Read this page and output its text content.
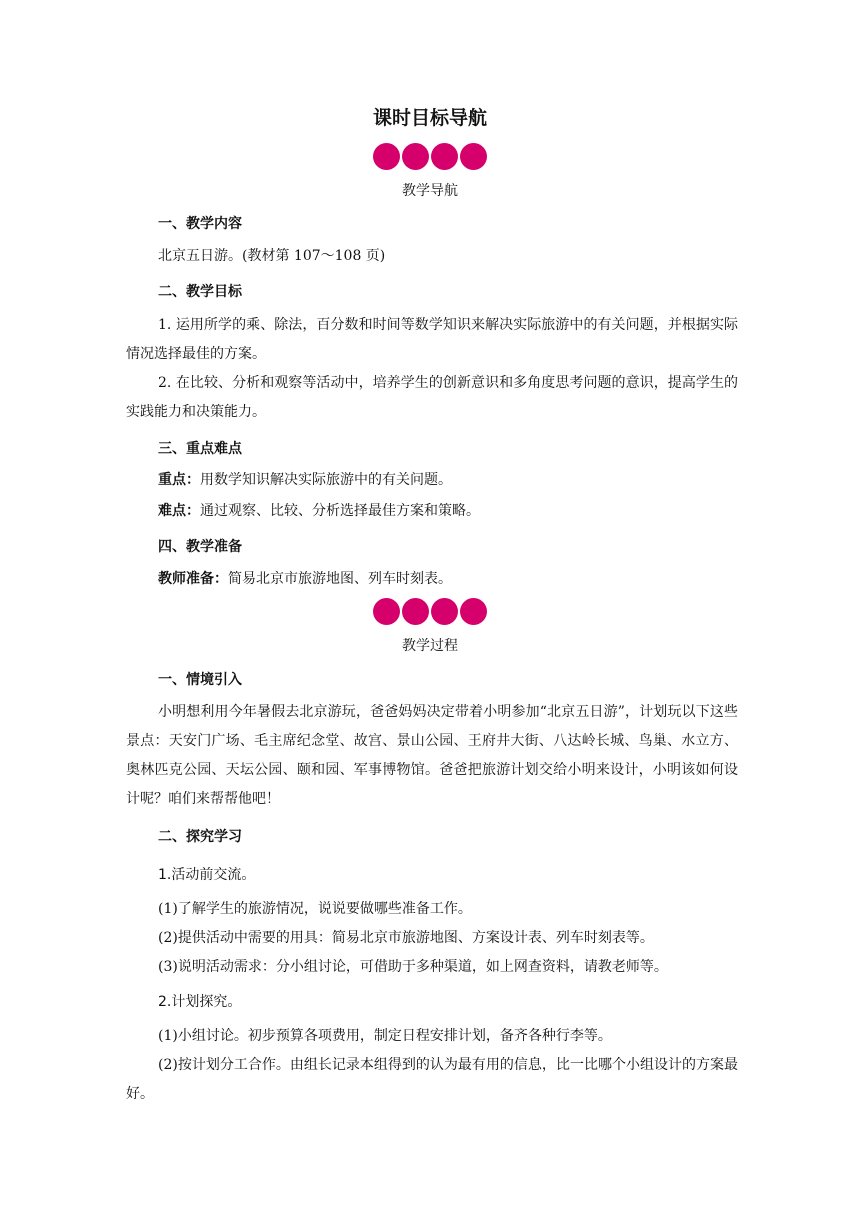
课时目标导航
教学导航
一、教学内容
北京五日游。(教材第 107～108 页)
二、教学目标
1. 运用所学的乘、除法，百分数和时间等数学知识来解决实际旅游中的有关问题，并根据实际情况选择最佳的方案。
2. 在比较、分析和观察等活动中，培养学生的创新意识和多角度思考问题的意识，提高学生的实践能力和决策能力。
三、重点难点
重点：用数学知识解决实际旅游中的有关问题。
难点：通过观察、比较、分析选择最佳方案和策略。
四、教学准备
教师准备：简易北京市旅游地图、列车时刻表。
教学过程
一、情境引入
小明想利用今年暑假去北京游玩，爸爸妈妈决定带着小明参加“北京五日游”，计划玩以下这些景点：天安门广场、毛主席纪念堂、故宫、景山公园、王府井大街、八达岭长城、鸟巢、水立方、奥林匹克公园、天坛公园、颐和园、军事博物馆。爸爸把旅游计划交给小明来设计，小明该如何设计呢？咱们来帮帮他吧！
二、探究学习
1.活动前交流。
(1)了解学生的旅游情况，说说要做哪些准备工作。
(2)提供活动中需要的用具：简易北京市旅游地图、方案设计表、列车时刻表等。
(3)说明活动需求：分小组讨论，可借助于多种渠道，如上网查资料，请教老师等。
2.计划探究。
(1)小组讨论。初步预算各项费用，制定日程安排计划，备齐各种行李等。
(2)按计划分工合作。由组长记录本组得到的认为最有用的信息，比一比哪个小组设计的方案最好。
